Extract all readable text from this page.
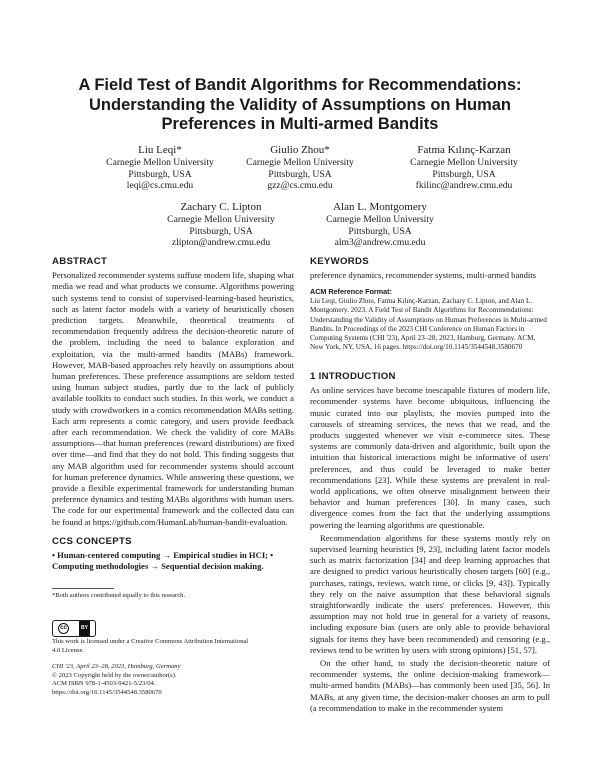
A Field Test of Bandit Algorithms for Recommendations: Understanding the Validity of Assumptions on Human Preferences in Multi-armed Bandits
Liu Leqi*
Carnegie Mellon University
Pittsburgh, USA
leqi@cs.cmu.edu
Giulio Zhou*
Carnegie Mellon University
Pittsburgh, USA
gzz@cs.cmu.edu
Fatma Kılınç-Karzan
Carnegie Mellon University
Pittsburgh, USA
fkilinc@andrew.cmu.edu
Zachary C. Lipton
Carnegie Mellon University
Pittsburgh, USA
zlipton@andrew.cmu.edu
Alan L. Montgomery
Carnegie Mellon University
Pittsburgh, USA
alm3@andrew.cmu.edu
ABSTRACT

Personalized recommender systems suffuse modern life, shaping what media we read and what products we consume. Algorithms powering such systems tend to consist of supervised-learning-based heuristics, such as latent factor models with a variety of heuristically chosen prediction targets. Meanwhile, theoretical treatments of recommendation frequently address the decision-theoretic nature of the problem, including the need to balance exploration and exploitation, via the multi-armed bandits (MABs) framework. However, MAB-based approaches rely heavily on assumptions about human preferences. These preference assumptions are seldom tested using human subject studies, partly due to the lack of publicly available toolkits to conduct such studies. In this work, we conduct a study with crowdworkers in a comics recommendation MABs setting. Each arm represents a comic category, and users provide feedback after each recommendation. We check the validity of core MABs assumptions—that human preferences (reward distributions) are fixed over time—and find that they do not hold. This finding suggests that any MAB algorithm used for recommender systems should account for human preference dynamics. While answering these questions, we provide a flexible experimental framework for understanding human preference dynamics and testing MABs algorithms with human users. The code for our experimental framework and the collected data can be found at https://github.com/HumanLab/human-bandit-evaluation.

CCS CONCEPTS

• Human-centered computing → Empirical studies in HCI; • Computing methodologies → Sequential decision making.

*Both authors contributed equally to this research.

cc	BY

This work is licensed under a Creative Commons Attribution International 4.0 License.

CHI '23, April 23–28, 2023, Hamburg, Germany

© 2023 Copyright held by the owner/author(s).

ACM ISBN 978-1-4503-9421-5/23/04.

https://doi.org/10.1145/3544548.3580670

KEYWORDS

preference dynamics, recommender systems, multi-armed bandits

ACM Reference Format:

Liu Leqi, Giulio Zhou, Fatma Kılınç-Karzan, Zachary C. Lipton, and Alan L. Montgomery. 2023. A Field Test of Bandit Algorithms for Recommendations: Understanding the Validity of Assumptions on Human Preferences in Multi-armed Bandits. In Proceedings of the 2023 CHI Conference on Human Factors in Computing Systems (CHI '23), April 23–28, 2023, Hamburg, Germany. ACM, New York, NY, USA, 16 pages. https://doi.org/10.1145/3544548.3580670

1 INTRODUCTION

As online services have become inescapable fixtures of modern life, recommender systems have become ubiquitous, influencing the music curated into our playlists, the movies pumped into the carousels of streaming services, the news that we read, and the products suggested whenever we visit e-commerce sites. These systems are commonly data-driven and algorithmic, built upon the intuition that historical interactions might be informative of users' preferences, and thus could be leveraged to make better recommendations [23]. While these systems are prevalent in real-world applications, we often observe misalignment between their behavior and human preferences [30]. In many cases, such divergence comes from the fact that the underlying assumptions powering the learning algorithms are questionable.

Recommendation algorithms for these systems mostly rely on supervised learning heuristics [9, 23], including latent factor models such as matrix factorization [34] and deep learning approaches that are designed to predict various heuristically chosen targets [60] (e.g., purchases, ratings, reviews, watch time, or clicks [9, 43]). Typically they rely on the naive assumption that these behavioral signals straightforwardly indicate the users' preferences. However, this assumption may not hold true in general for a variety of reasons, including exposure bias (users are only able to provide behavioral signals for items they have been recommended) and censoring (e.g., reviews tend to be written by users with strong opinions) [51, 57].

On the other hand, to study the decision-theoretic nature of recommender systems, the online decision-making framework—multi-armed bandits (MABs)—has commonly been used [35, 56]. In MABs, at any given time, the decision-maker chooses an arm to pull (a recommendation to make in the recommender system
